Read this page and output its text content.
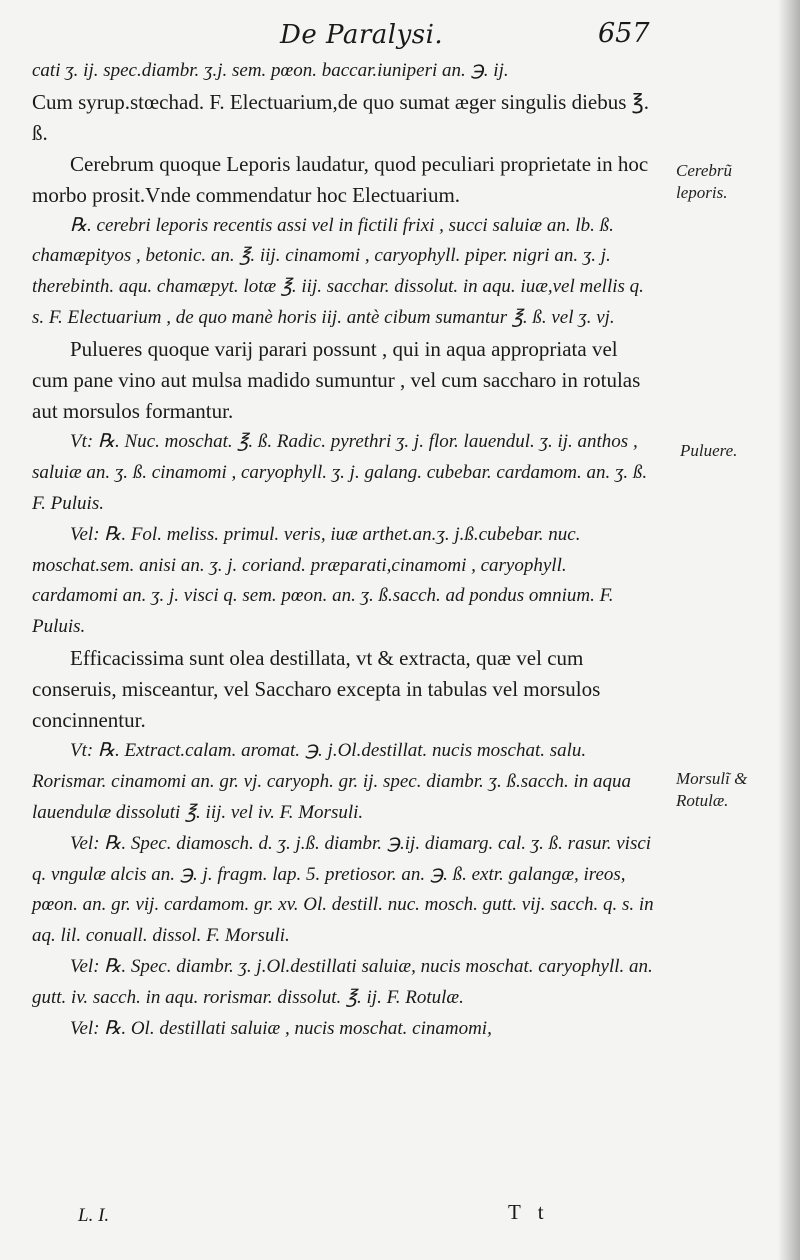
De Paralysi.	657

cati ʒ. ij. spec.diambr. ʒ.j. sem. pœon. baccar.iuniperi an. ℈. ij.

Cum syrup.stœchad. F. Electuarium,de quo sumat æger singulis diebus ℥. ß.

Cerebrum quoque Leporis laudatur, quod peculiari proprietate in hoc morbo prosit.Vnde commendatur hoc Electuarium.

℞. cerebri leporis recentis assi vel in fictili frixi , succi saluiæ an. lb. ß. chamæpityos , betonic. an. ℥. iij. cinamomi , caryophyll. piper. nigri an. ʒ. j. therebinth. aqu. chamæpyt. lotæ ℥. iij. sacchar. dissolut. in aqu. iuæ,vel mellis q. s. F. Electuarium , de quo manè horis iij. antè cibum sumantur ℥. ß. vel ʒ. vj.

Pulueres quoque varij parari possunt , qui in aqua appropriata vel cum pane vino aut mulsa madido sumuntur , vel cum saccharo in rotulas aut morsulos formantur.

Vt: ℞. Nuc. moschat. ℥. ß. Radic. pyrethri ʒ. j. flor. lauendul. ʒ. ij. anthos , saluiæ an. ʒ. ß. cinamomi , caryophyll. ʒ. j. galang. cubebar. cardamom. an. ʒ. ß. F. Puluis.

Vel: ℞. Fol. meliss. primul. veris, iuæ arthet.an.ʒ. j.ß.cubebar. nuc. moschat.sem. anisi an. ʒ. j. coriand. præparati,cinamomi , caryophyll. cardamomi an. ʒ. j. visci q. sem. pœon. an. ʒ. ß.sacch. ad pondus omnium. F. Puluis.

Efficacissima sunt olea destillata, vt & extracta, quæ vel cum conseruis, misceantur, vel Saccharo excepta in tabulas vel morsulos concinnentur.

Vt: ℞. Extract.calam. aromat. ℈. j.Ol.destillat. nucis moschat. salu. Rorismar. cinamomi an. gr. vj. caryoph. gr. ij. spec. diambr. ʒ. ß.sacch. in aqua lauendulæ dissoluti ℥. iij. vel iv. F. Morsuli.

Vel: ℞. Spec. diamosch. d. ʒ. j.ß. diambr. ℈.ij. diamarg. cal. ʒ. ß. rasur. visci q. vngulæ alcis an. ℈. j. fragm. lap. 5. pretiosor. an. ℈. ß. extr. galangæ, ireos, pœon. an. gr. vij. cardamom. gr. xv. Ol. destill. nuc. mosch. gutt. vij. sacch. q. s. in aq. lil. conuall. dissol. F. Morsuli.

Vel: ℞. Spec. diambr. ʒ. j.Ol.destillati saluiæ, nucis moschat. caryophyll. an. gutt. iv. sacch. in aqu. rorismar. dissolut. ℥. ij. F. Rotulæ.

Vel: ℞. Ol. destillati saluiæ , nucis moschat. cinamomi,

Cerebrũ leporis.
Puluere.
Morsulĩ & Rotulæ.
L. I.	T t
